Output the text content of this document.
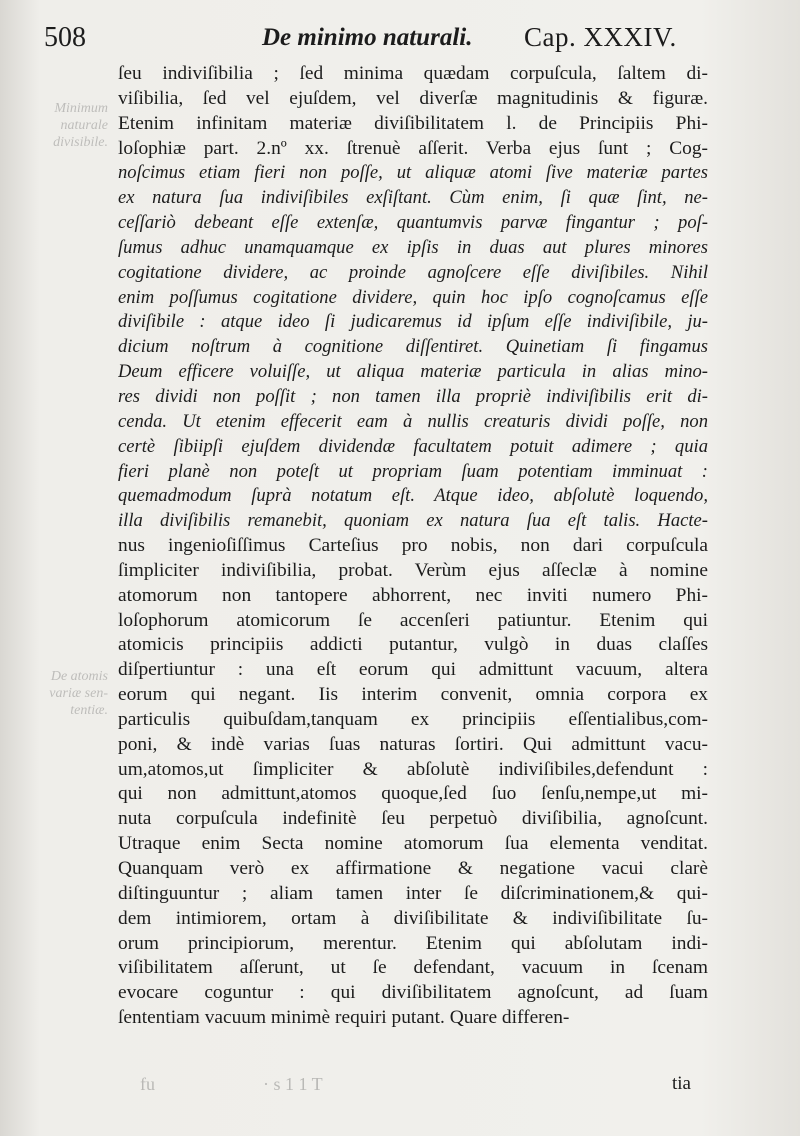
Minimum
naturale
divisibile.
De atomis
variæ sen-
tentiæ.
508	De minimo naturali. Cap. XXXIV.
ſeu indiviſibilia ; ſed minima quædam corpuſcula, ſaltem di-
viſibilia, ſed vel ejuſdem, vel diverſæ magnitudinis & figuræ.
Etenim infinitam materiæ diviſibilitatem l. de Principiis Phi-
loſophiæ part. 2.nº xx. ſtrenuè aſſerit. Verba ejus ſunt ; Cog-
noſcimus etiam fieri non poſſe, ut aliquæ atomi ſive materiæ partes
ex natura ſua indiviſibiles exſiſtant. Cùm enim, ſi quæ ſint, ne-
ceſſariò debeant eſſe extenſæ, quantumvis parvæ fingantur ; poſ-
ſumus adhuc unamquamque ex ipſis in duas aut plures minores
cogitatione dividere, ac proinde agnoſcere eſſe diviſibiles. Nihil
enim poſſumus cogitatione dividere, quin hoc ipſo cognoſcamus eſſe
diviſibile : atque ideo ſi judicaremus id ipſum eſſe indiviſibile, ju-
dicium noſtrum à cognitione diſſentiret. Quinetiam ſi fingamus
Deum efficere voluiſſe, ut aliqua materiæ particula in alias mino-
res dividi non poſſit ; non tamen illa propriè indiviſibilis erit di-
cenda. Ut etenim effecerit eam à nullis creaturis dividi poſſe, non
certè ſibiipſi ejuſdem dividendæ facultatem potuit adimere ; quia
fieri planè non poteſt ut propriam ſuam potentiam imminuat :
quemadmodum ſuprà notatum eſt. Atque ideo, abſolutè loquendo,
illa diviſibilis remanebit, quoniam ex natura ſua eſt talis. Hacte-
nus ingenioſiſſimus Carteſius pro nobis, non dari corpuſcula
ſimpliciter indiviſibilia, probat. Verùm ejus aſſeclæ à nomine
atomorum non tantopere abhorrent, nec inviti numero Phi-
loſophorum atomicorum ſe accenſeri patiuntur. Etenim qui
atomicis principiis addicti putantur, vulgò in duas claſſes
diſpertiuntur : una eſt eorum qui admittunt vacuum, altera
eorum qui negant. Iis interim convenit, omnia corpora ex
particulis quibuſdam,tanquam ex principiis eſſentialibus,com-
poni, & indè varias ſuas naturas ſortiri. Qui admittunt vacu-
um,atomos,ut ſimpliciter & abſolutè indiviſibiles,defendunt :
qui non admittunt,atomos quoque,ſed ſuo ſenſu,nempe,ut mi-
nuta corpuſcula indefinitè ſeu perpetuò diviſibilia, agnoſcunt.
Utraque enim Secta nomine atomorum ſua elementa venditat.
Quanquam verò ex affirmatione & negatione vacui clarè
diſtinguuntur ; aliam tamen inter ſe diſcriminationem,& qui-
dem intimiorem, ortam à diviſibilitate & indiviſibilitate ſu-
orum principiorum, merentur. Etenim qui abſolutam indi-
viſibilitatem aſſerunt, ut ſe defendant, vacuum in ſcenam
evocare coguntur : qui diviſibilitatem agnoſcunt, ad ſuam
ſententiam vacuum minimè requiri putant. Quare differen-
fu                        · s 1 1 T	tia
